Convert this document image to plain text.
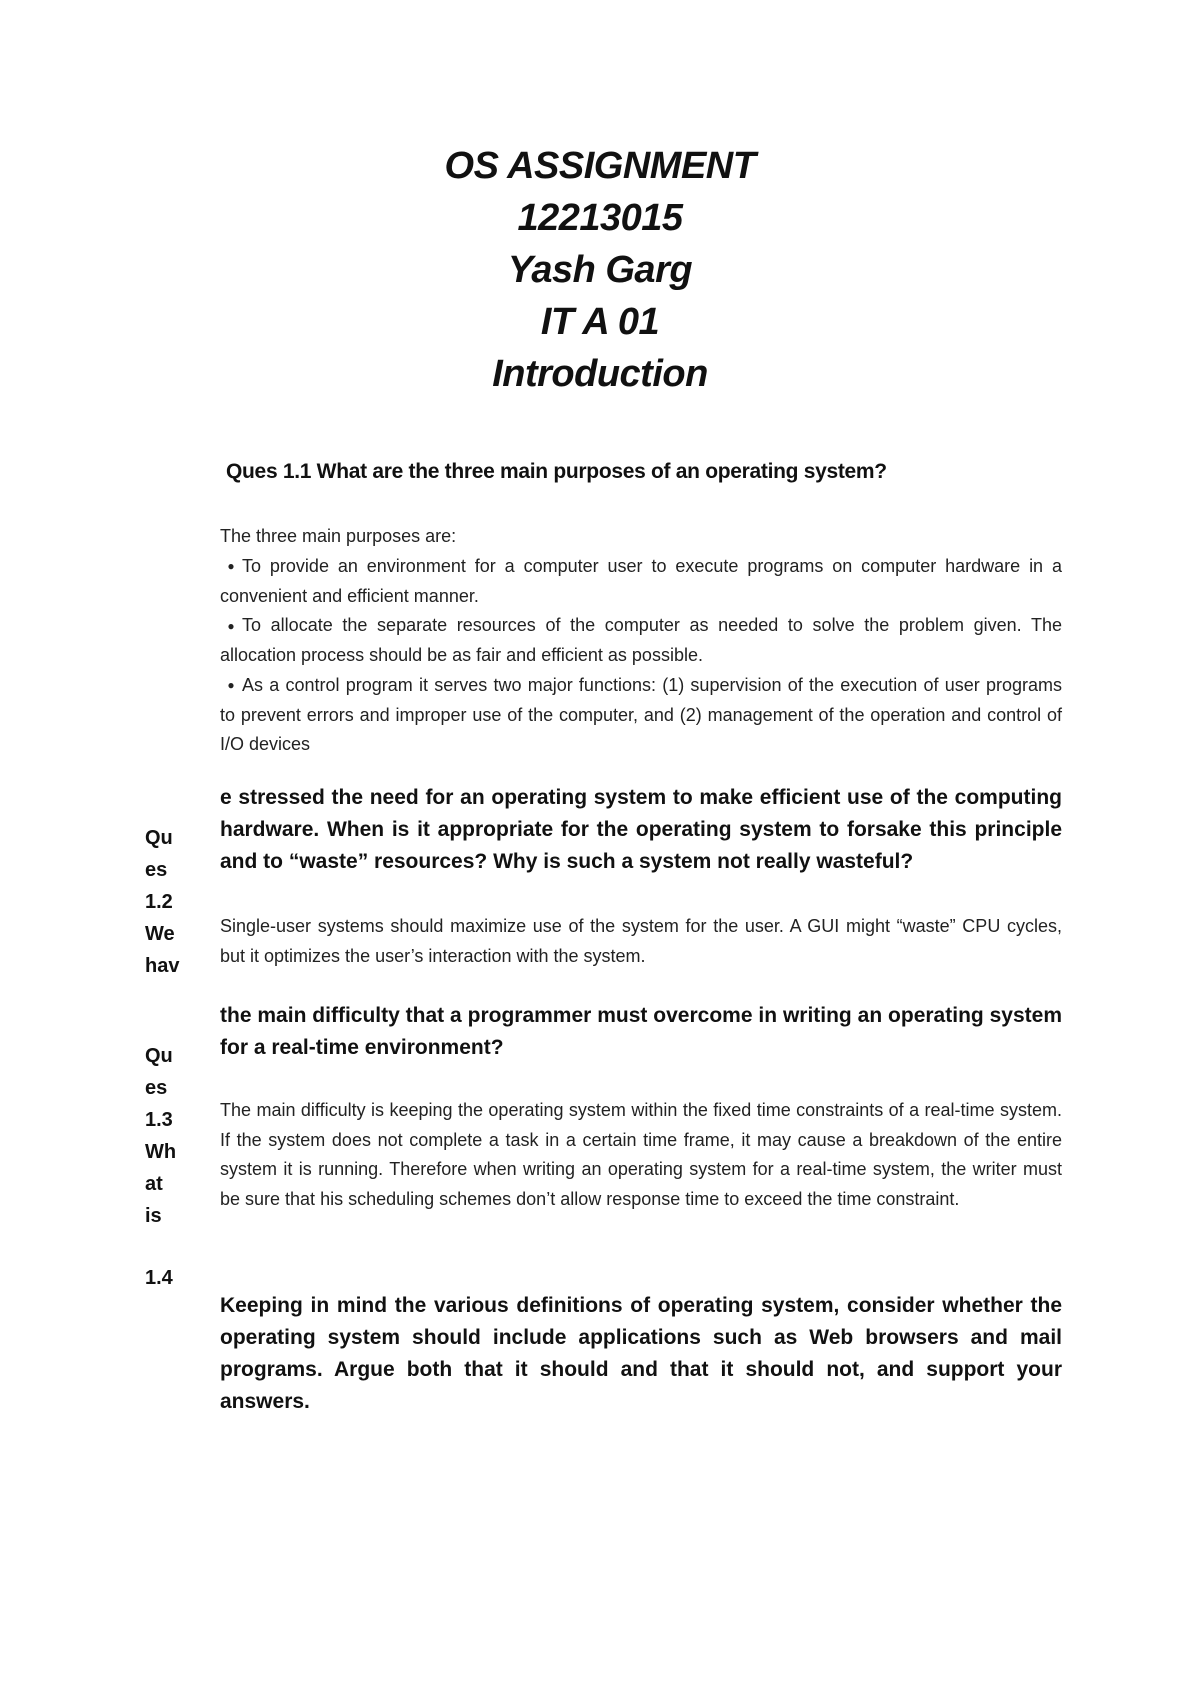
OS ASSIGNMENT
12213015
Yash Garg
IT A 01
Introduction
Ques 1.1 What are the three main purposes of an operating system?

The three main purposes are:

● To provide an environment for a computer user to execute programs on computer hardware in a convenient and efficient manner.

● To allocate the separate resources of the computer as needed to solve the problem given. The allocation process should be as fair and efficient as possible.

● As a control program it serves two major functions: (1) supervision of the execution of user programs to prevent errors and improper use of the computer, and (2) management of the operation and control of I/O devices

Qu
es
1.2
We
hav
e stressed the need for an operating system to make efficient use of the computing hardware. When is it appropriate for the operating system to forsake this principle and to “waste” resources? Why is such a system not really wasteful?
Single-user systems should maximize use of the system for the user. A GUI might “waste” CPU cycles, but it optimizes the user’s interaction with the system.
Qu
es
1.3
Wh
at
is
the main difficulty that a programmer must overcome in writing an operating system for a real-time environment?
The main difficulty is keeping the operating system within the fixed time constraints of a real-time system. If the system does not complete a task in a certain time frame, it may cause a breakdown of the entire system it is running. Therefore when writing an operating system for a real-time system, the writer must be sure that his scheduling schemes don’t allow response time to exceed the time constraint.
1.4
Keeping in mind the various definitions of operating system, consider whether the operating system should include applications such as Web browsers and mail programs. Argue both that it should and that it should not, and support your answers.
